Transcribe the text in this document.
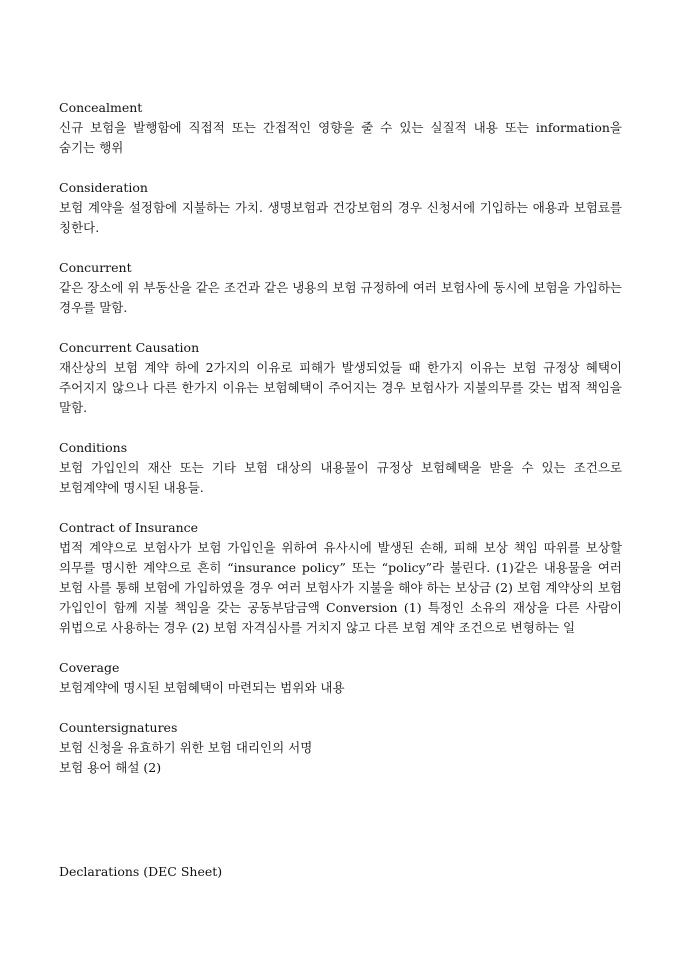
Concealment
신규 보험을 발행함에 직접적 또는 간접적인 영향을 줄 수 있는 실질적 내용 또는 information을 숨기는 행위
Consideration
보험 계약을 설정함에 지불하는 가치. 생명보험과 건강보험의 경우 신청서에 기입하는 애용과 보험료를 칭한다.
Concurrent
같은 장소에 위 부동산을 같은 조건과 같은 냉용의 보험 규정하에 여러 보험사에 동시에 보험을 가입하는 경우를 말함.
Concurrent Causation
재산상의 보험 계약 하에 2가지의 이유로 피해가 발생되었들 때 한가지 이유는 보험 규정상 혜택이 주어지지 않으나 다른 한가지 이유는 보험혜택이 주어지는 경우 보험사가 지불의무를 갖는 법적 책임을 말함.
Conditions
보험 가입인의 재산 또는 기타 보험 대상의 내용물이 규정상 보험혜택을 받을 수 있는 조건으로 보험계약에 명시된 내용들.
Contract of Insurance
법적 계약으로 보험사가 보험 가입인을 위하여 유사시에 발생된 손해, 피해 보상 책임 따위를 보상할 의무를 명시한 계약으로 흔히 “insurance policy” 또는 “policy”라 불린다. (1)같은 내용물을 여러 보험 사를 통해 보험에 가입하였을 경우 여러 보험사가 지불을 해야 하는 보상금 (2) 보험 계약상의 보험 가입인이 함께 지불 책임을 갖는 공동부담금액 Conversion (1) 특정인 소유의 재상을 다른 사람이 위법으로 사용하는 경우 (2) 보험 자격심사를 거치지 않고 다른 보험 계약 조건으로 변형하는 일
Coverage
보험계약에 명시된 보험혜택이 마련되는 범위와 내용
Countersignatures
보험 신청을 유효하기 위한 보험 대리인의 서명
보험 용어 해설 (2)
Declarations (DEC Sheet)
